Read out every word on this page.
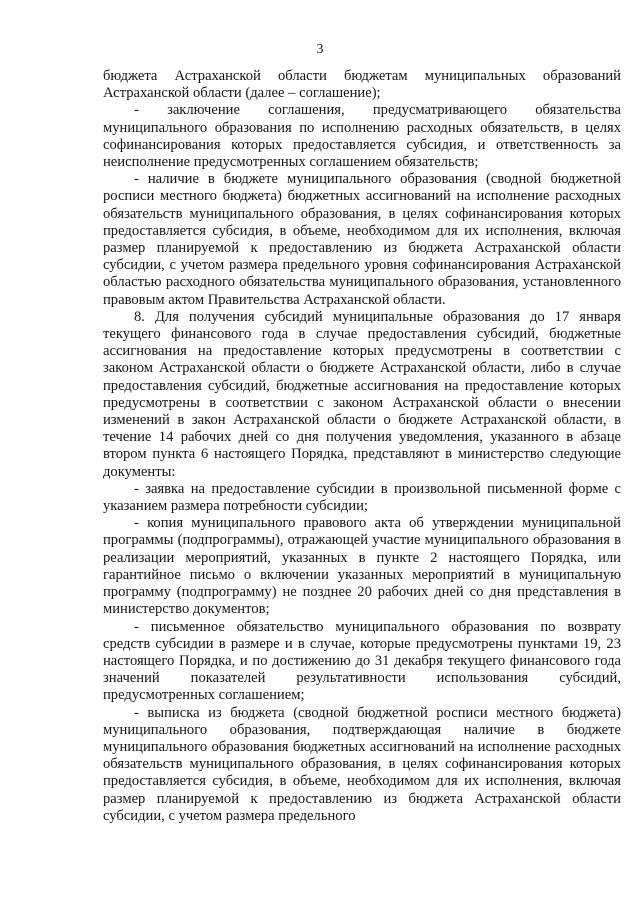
3

бюджета Астраханской области бюджетам муниципальных образований Астраханской области (далее – соглашение);

- заключение соглашения, предусматривающего обязательства муниципального образования по исполнению расходных обязательств, в целях софинансирования которых предоставляется субсидия, и ответственность за неисполнение предусмотренных соглашением обязательств;

- наличие в бюджете муниципального образования (сводной бюджетной росписи местного бюджета) бюджетных ассигнований на исполнение расходных обязательств муниципального образования, в целях софинансирования которых предоставляется субсидия, в объеме, необходимом для их исполнения, включая размер планируемой к предоставлению из бюджета Астраханской области субсидии, с учетом размера предельного уровня софинансирования Астраханской областью расходного обязательства муниципального образования, установленного правовым актом Правительства Астраханской области.

8. Для получения субсидий муниципальные образования до 17 января текущего финансового года в случае предоставления субсидий, бюджетные ассигнования на предоставление которых предусмотрены в соответствии с законом Астраханской области о бюджете Астраханской области, либо в случае предоставления субсидий, бюджетные ассигнования на предоставление которых предусмотрены в соответствии с законом Астраханской области о внесении изменений в закон Астраханской области о бюджете Астраханской области, в течение 14 рабочих дней со дня получения уведомления, указанного в абзаце втором пункта 6 настоящего Порядка, представляют в министерство следующие документы:

- заявка на предоставление субсидии в произвольной письменной форме с указанием размера потребности субсидии;

- копия муниципального правового акта об утверждении муниципальной программы (подпрограммы), отражающей участие муниципального образования в реализации мероприятий, указанных в пункте 2 настоящего Порядка, или гарантийное письмо о включении указанных мероприятий в муниципальную программу (подпрограмму) не позднее 20 рабочих дней со дня представления в министерство документов;

- письменное обязательство муниципального образования по возврату средств субсидии в размере и в случае, которые предусмотрены пунктами 19, 23 настоящего Порядка, и по достижению до 31 декабря текущего финансового года значений показателей результативности использования субсидий, предусмотренных соглашением;

- выписка из бюджета (сводной бюджетной росписи местного бюджета) муниципального образования, подтверждающая наличие в бюджете муниципального образования бюджетных ассигнований на исполнение расходных обязательств муниципального образования, в целях софинансирования которых предоставляется субсидия, в объеме, необходимом для их исполнения, включая размер планируемой к предоставлению из бюджета Астраханской области субсидии, с учетом размера предельного
